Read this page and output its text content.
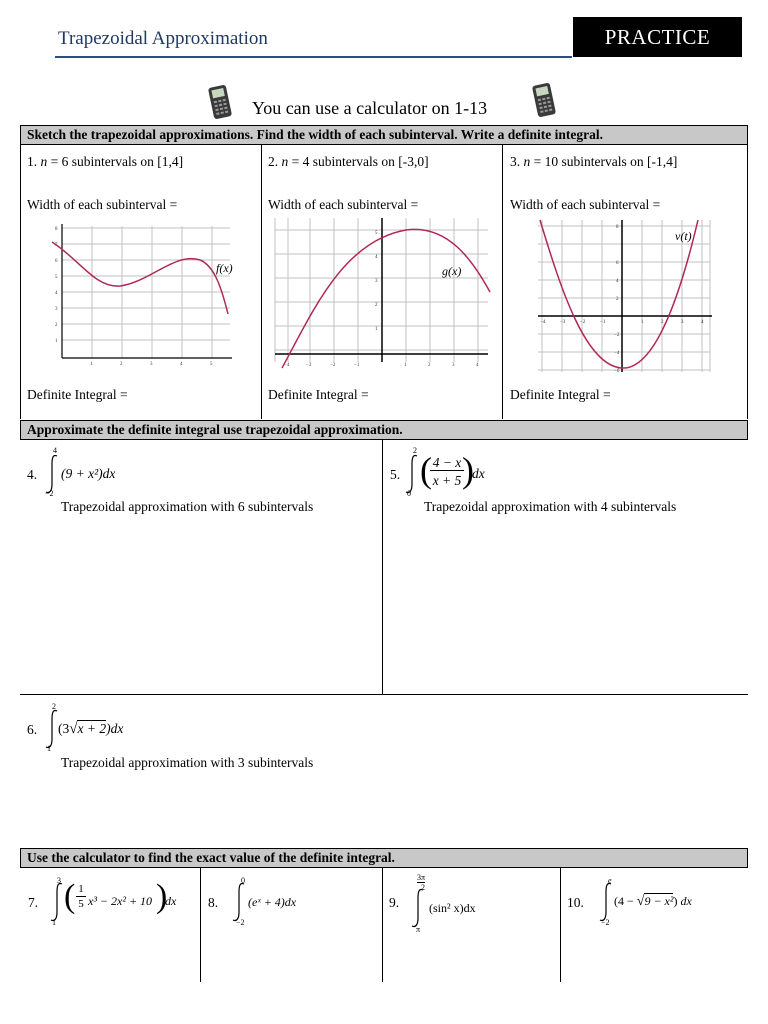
Trapezoidal Approximation	PRACTICE
You can use a calculator on 1-13
Sketch the trapezoidal approximations. Find the width of each subinterval. Write a definite integral.
1. n = 6 subintervals on [1,4]
Width of each subinterval =
Definite Integral =
2. n = 4 subintervals on [-3,0]
Width of each subinterval =
Definite Integral =
3. n = 10 subintervals on [-1,4]
Width of each subinterval =
Definite Integral =
1	2	3	4	5
1
2
3
4
5
6
7
8
f(x)
−4	−3	−2	−1	1	2	3	4
1
2
3
4
5
g(x)
−4	−3	−2	−1	1	2	3	4
8
6
4
2
−2
−4
−6
v(t)
Approximate the definite integral use trapezoidal approximation.
4.
4
−2
(9 + x²)dx
Trapezoidal approximation with 6 subintervals
5.
2
0
( 4 − x
x + 5 )
dx
Trapezoidal approximation with 4 subintervals
6.
2
1
(3√x + 2)dx
Trapezoidal approximation with 3 subintervals
Use the calculator to find the exact value of the definite integral.
7.
3
1
( 1
5 x³ − 2x² + 10 )
dx 8.
0
−2
(eˣ + 4)dx	9.
3π
2
π
(sin² x)dx	10.
e
−2
(4 − √9 − x²) dx
